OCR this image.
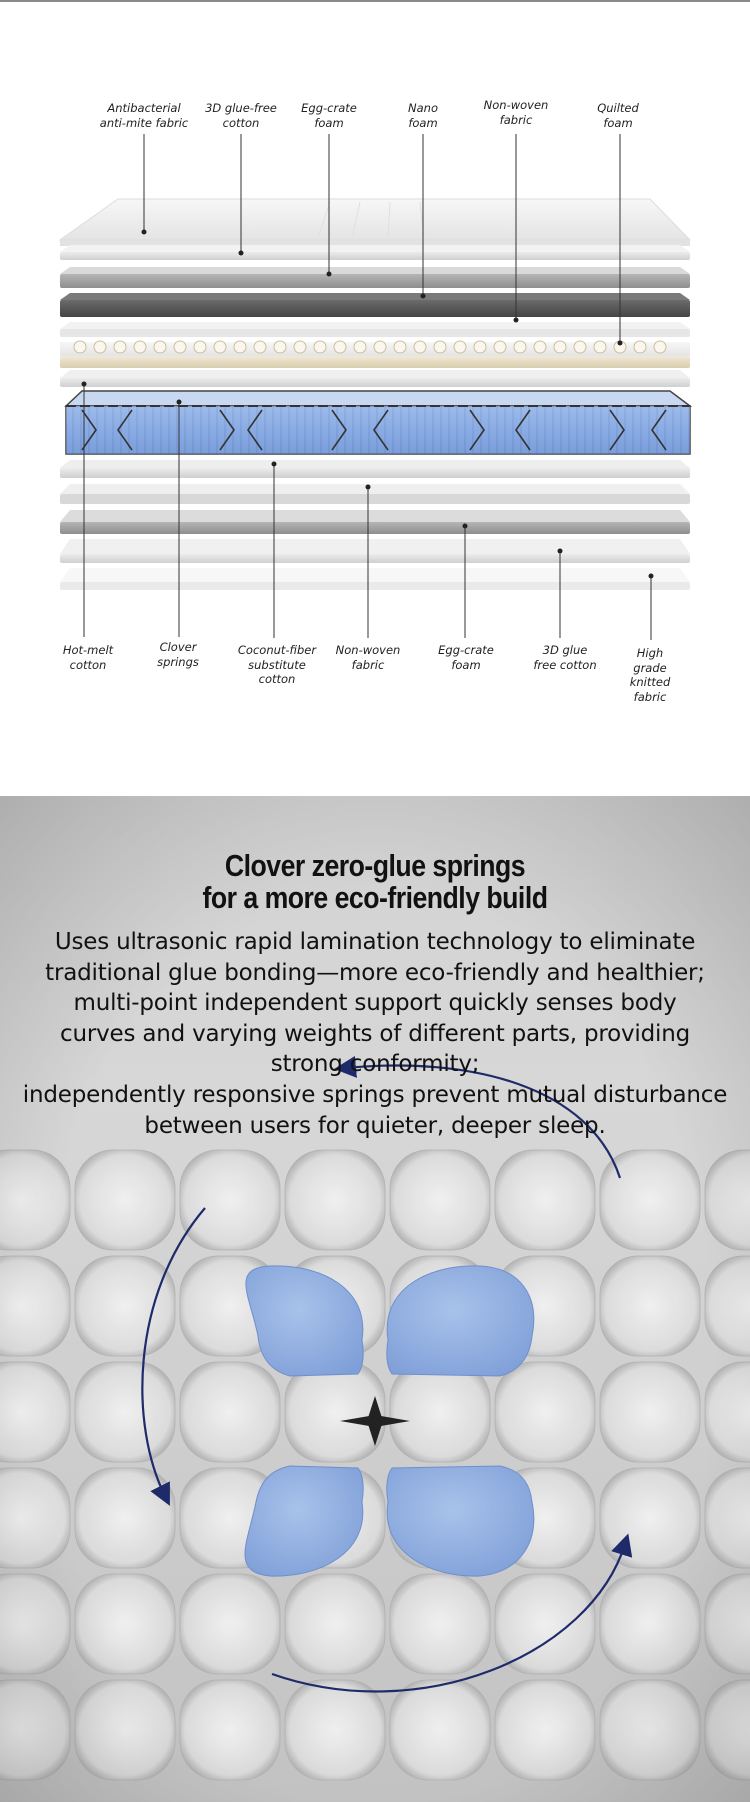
Antibacterial
anti-mite fabric
3D glue-free
cotton
Egg-crate
foam
Nano
foam
Non-woven
fabric
Quilted
foam
Hot-melt
cotton
Clover
springs
Coconut-fiber
substitute
cotton
Non-woven
fabric
Egg-crate
foam
3D glue
free cotton
High
grade
knitted
fabric
Clover zero-glue springs
for a more eco-friendly build
Uses ultrasonic rapid lamination technology to eliminate
traditional glue bonding—more eco-friendly and healthier;
multi-point independent support quickly senses body
curves and varying weights of different parts, providing
strong conformity;
independently responsive springs prevent mutual disturbance
between users for quieter, deeper sleep.
